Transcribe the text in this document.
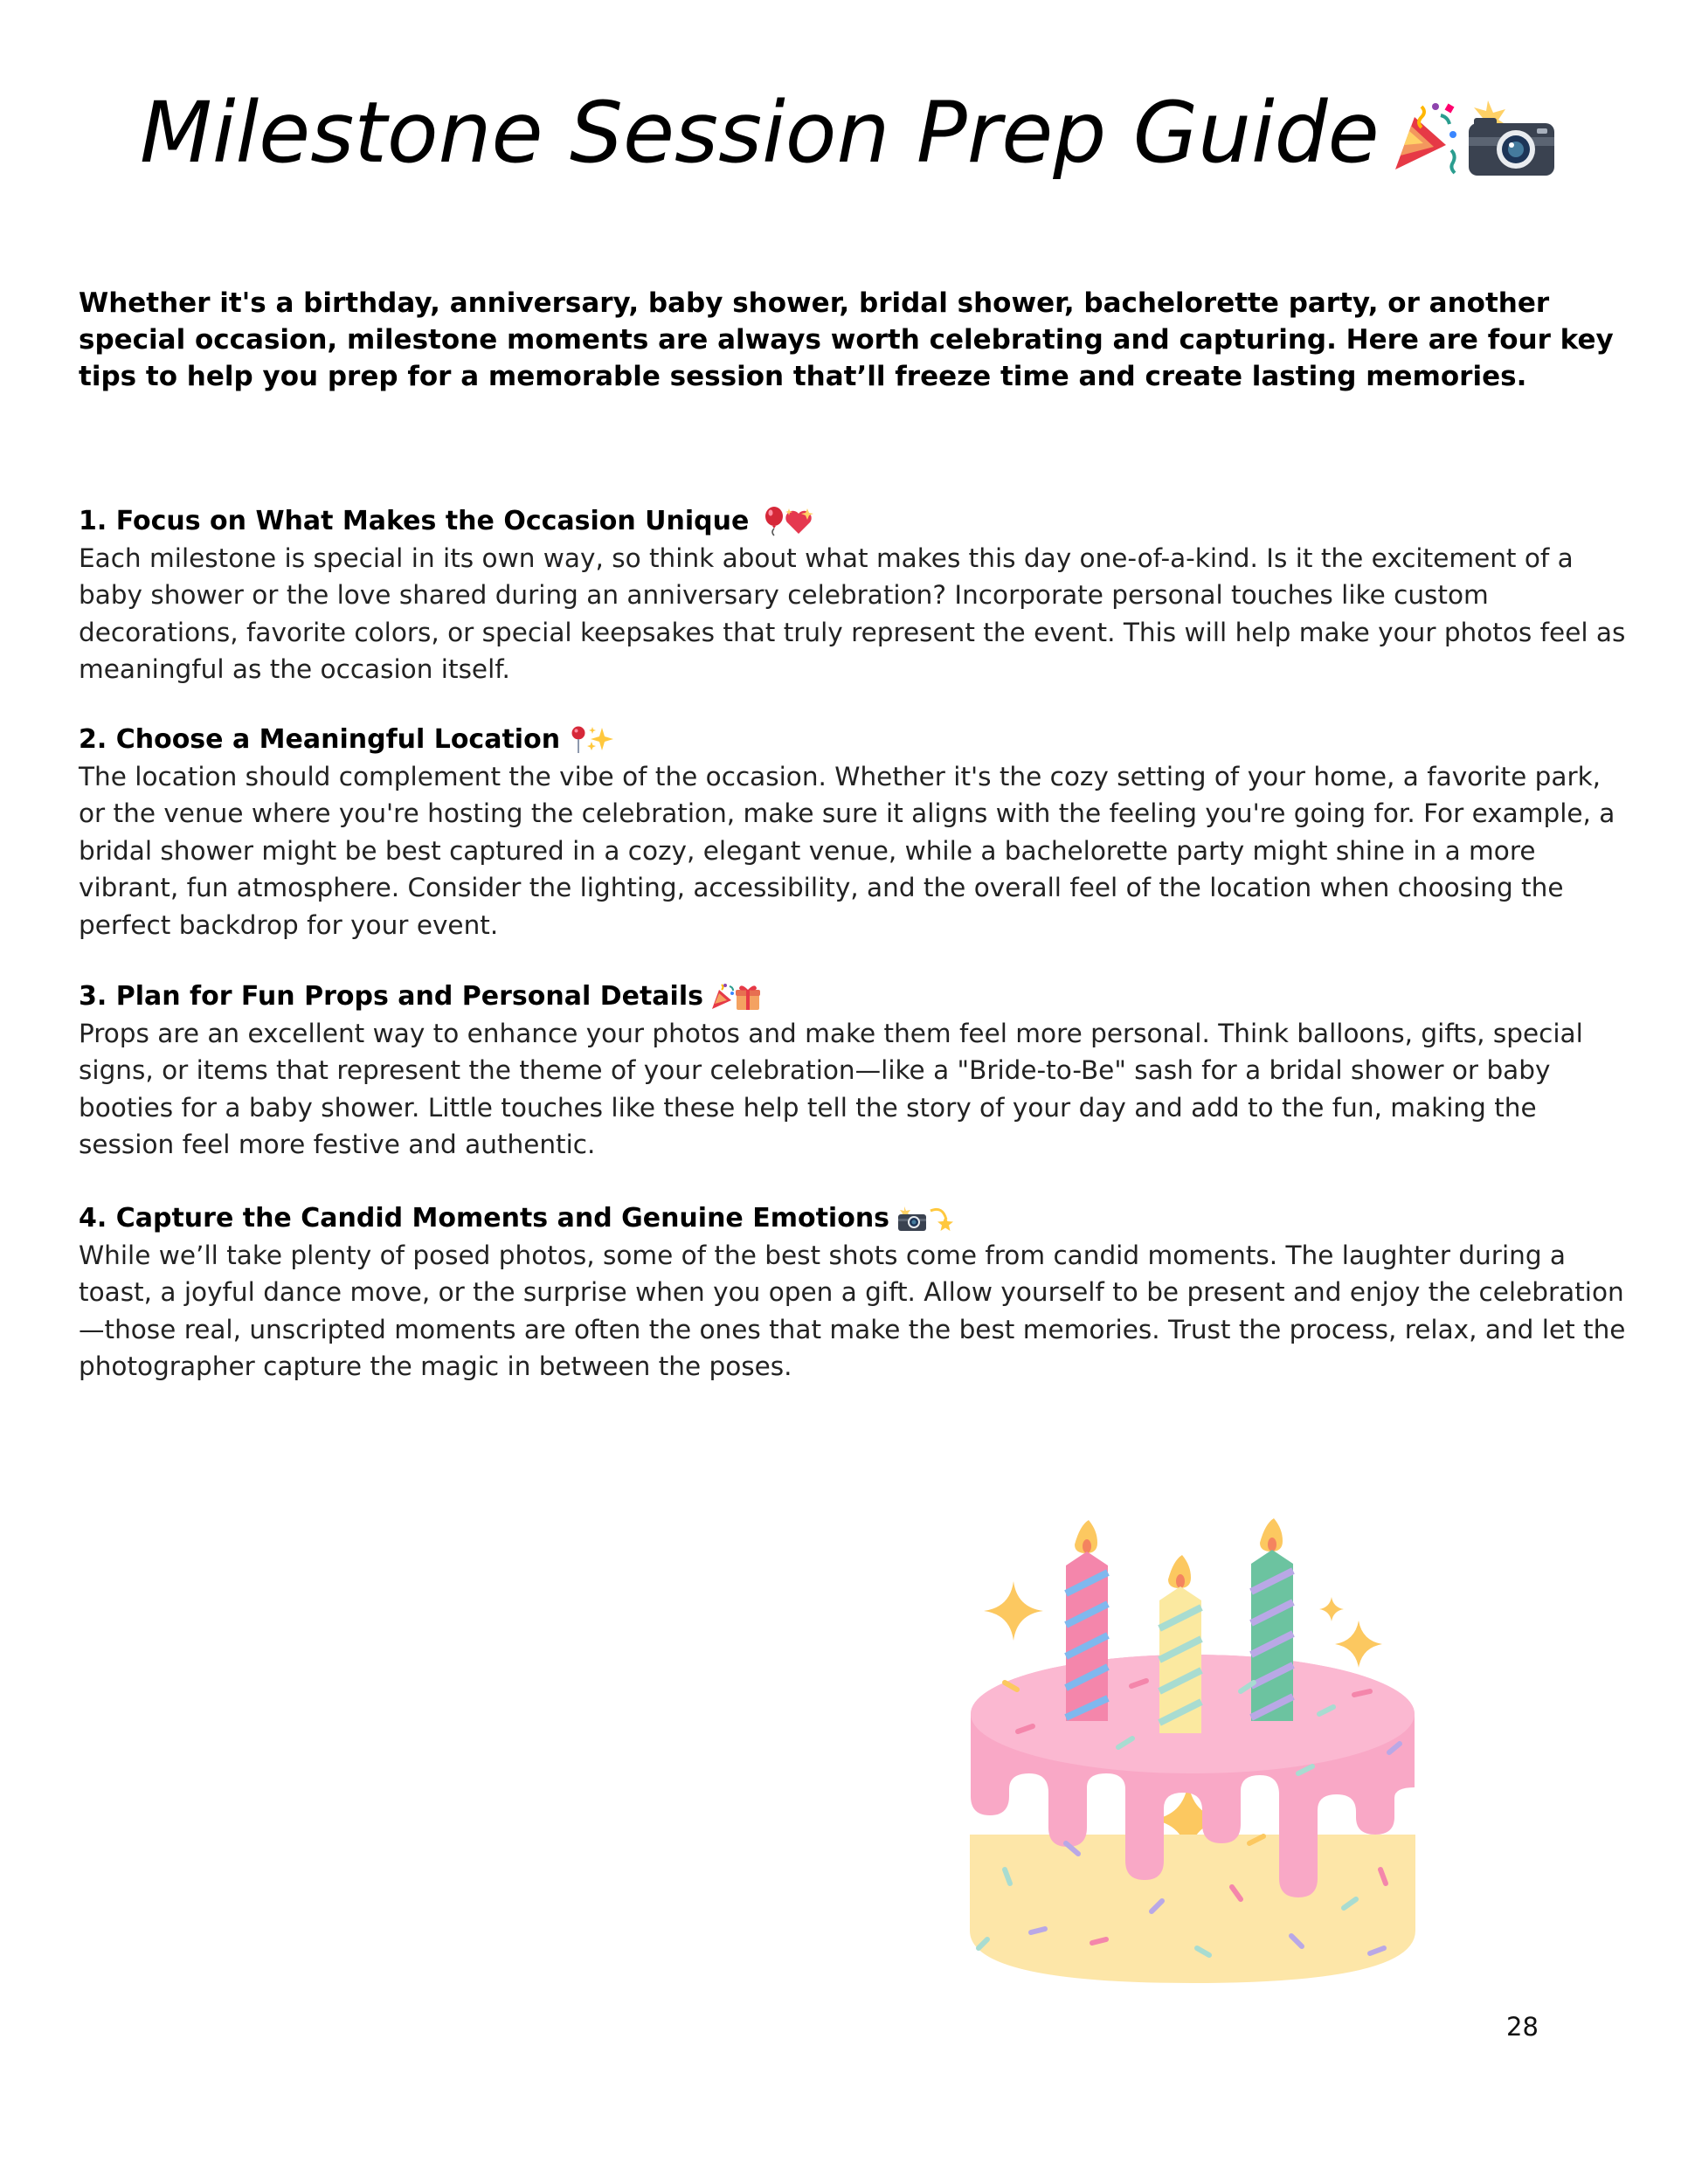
Milestone Session Prep Guide

Whether it's a birthday, anniversary, baby shower, bridal shower, bachelorette party, or another special occasion, milestone moments are always worth celebrating and capturing. Here are four key tips to help you prep for a memorable session that’ll freeze time and create lasting memories.

1. Focus on What Makes the Occasion Unique

Each milestone is special in its own way, so think about what makes this day one-of-a-kind. Is it the excitement of a baby shower or the love shared during an anniversary celebration? Incorporate personal touches like custom decorations, favorite colors, or special keepsakes that truly represent the event. This will help make your photos feel as meaningful as the occasion itself.

2. Choose a Meaningful Location

The location should complement the vibe of the occasion. Whether it's the cozy setting of your home, a favorite park, or the venue where you're hosting the celebration, make sure it aligns with the feeling you're going for. For example, a bridal shower might be best captured in a cozy, elegant venue, while a bachelorette party might shine in a more vibrant, fun atmosphere. Consider the lighting, accessibility, and the overall feel of the location when choosing the perfect backdrop for your event.

3. Plan for Fun Props and Personal Details

Props are an excellent way to enhance your photos and make them feel more personal. Think balloons, gifts, special signs, or items that represent the theme of your celebration—like a "Bride-to-Be" sash for a bridal shower or baby booties for a baby shower. Little touches like these help tell the story of your day and add to the fun, making the session feel more festive and authentic.

4. Capture the Candid Moments and Genuine Emotions

While we’ll take plenty of posed photos, some of the best shots come from candid moments. The laughter during a toast, a joyful dance move, or the surprise when you open a gift. Allow yourself to be present and enjoy the celebration—those real, unscripted moments are often the ones that make the best memories. Trust the process, relax, and let the photographer capture the magic in between the poses.

28
